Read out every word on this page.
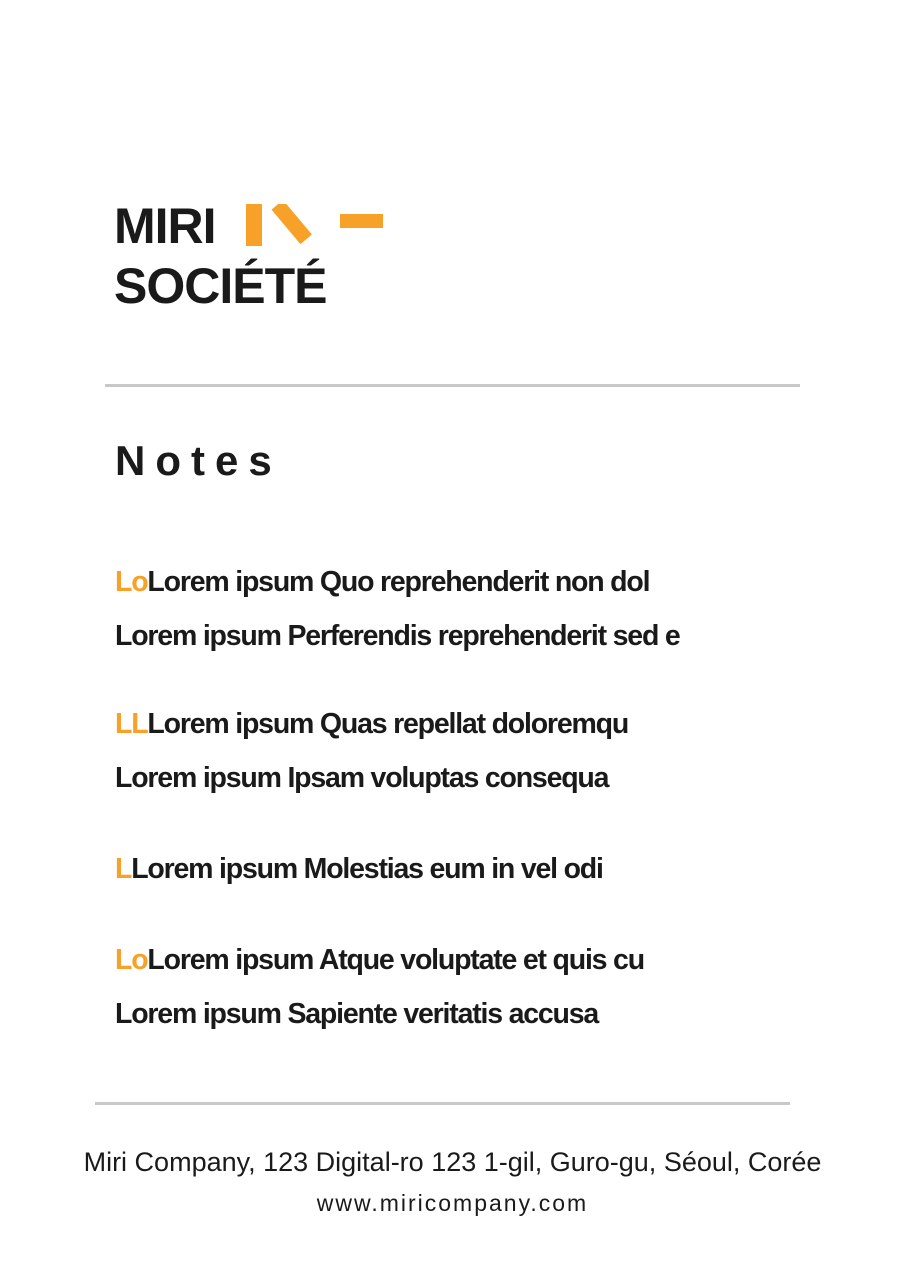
MIRI
SOCIÉTÉ
Notes
LoLorem ipsum Quo reprehenderit non dol
Lorem ipsum Perferendis reprehenderit sed e
LLLorem ipsum Quas repellat doloremqu
Lorem ipsum Ipsam voluptas consequa
LLorem ipsum Molestias eum in vel odi
LoLorem ipsum Atque voluptate et quis cu
Lorem ipsum Sapiente veritatis accusa
Miri Company, 123 Digital-ro 123 1-gil, Guro-gu, Séoul, Corée
www.miricompany.com
